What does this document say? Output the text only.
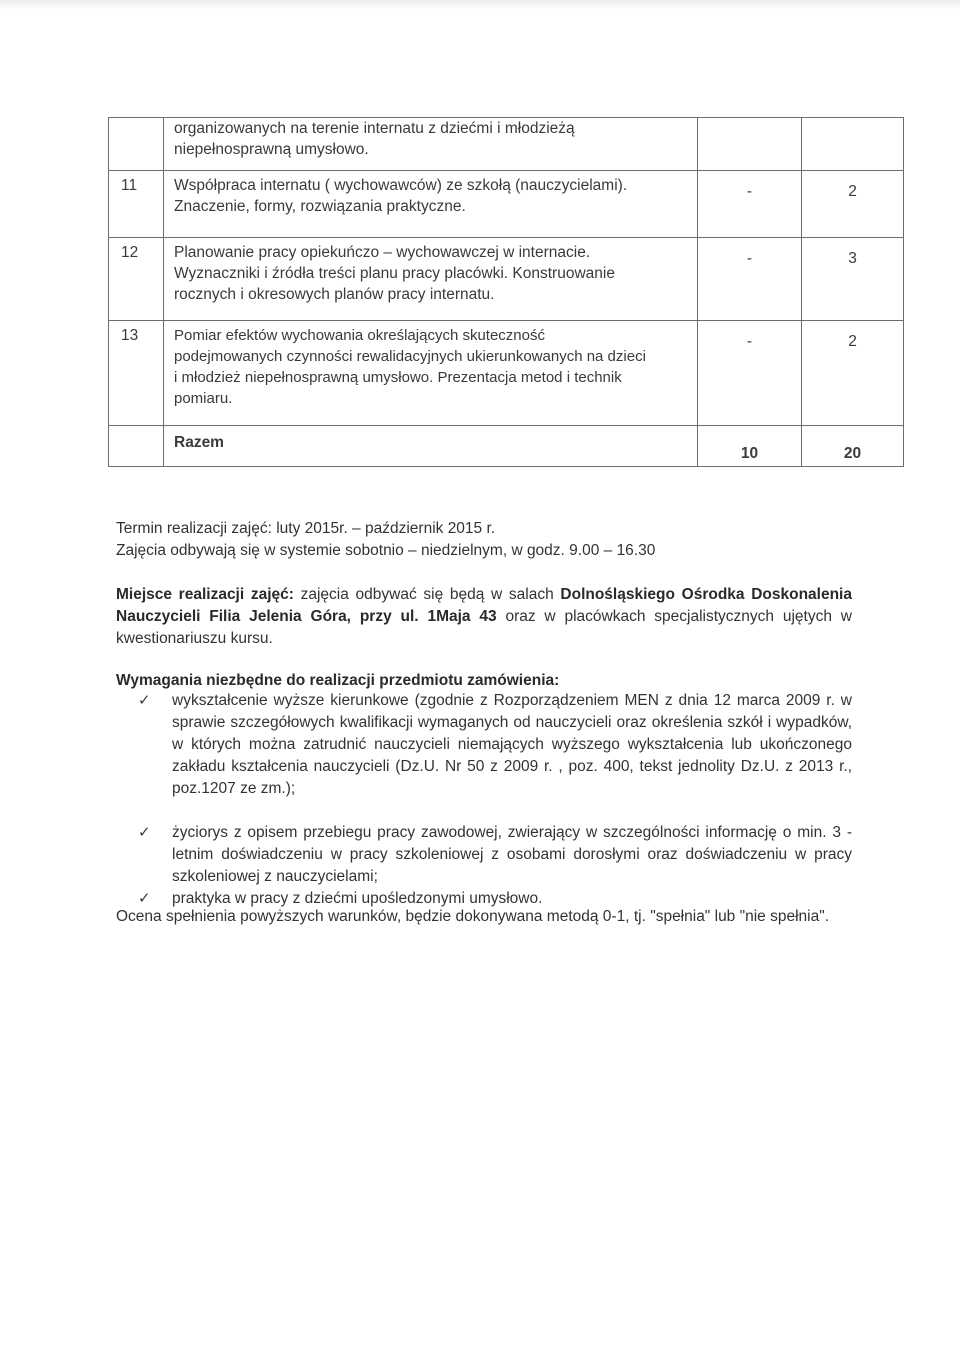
	organizowanych na terenie internatu z dziećmi i młodzieżą
niepełnosprawną umysłowo.		

11	Współpraca internatu ( wychowawców) ze szkołą (nauczycielami).
Znaczenie, formy, rozwiązania praktyczne.	-	2
12	Planowanie pracy opiekuńczo – wychowawczej w internacie.
Wyznaczniki i źródła treści planu pracy placówki. Konstruowanie
rocznych i okresowych planów pracy internatu.	-	3
13	Pomiar efektów wychowania określających skuteczność
podejmowanych czynności rewalidacyjnych ukierunkowanych na dzieci
i młodzież niepełnosprawną umysłowo. Prezentacja metod i technik
pomiaru.	-	2
	Razem	10	20
Termin realizacji zajęć: luty 2015r. – październik 2015 r.
Zajęcia odbywają się w systemie sobotnio – niedzielnym, w godz. 9.00 – 16.30
Miejsce realizacji zajęć: zajęcia odbywać się będą w salach Dolnośląskiego Ośrodka Doskonalenia Nauczycieli Filia Jelenia Góra, przy ul. 1Maja 43 oraz w placówkach specjalistycznych ujętych w kwestionariuszu kursu.
Wymagania niezbędne do realizacji przedmiotu zamówienia:
✓ wykształcenie wyższe kierunkowe (zgodnie z Rozporządzeniem MEN z dnia 12 marca 2009 r. w sprawie szczegółowych kwalifikacji wymaganych od nauczycieli oraz określenia szkół i wypadków, w których można zatrudnić nauczycieli niemających wyższego wykształcenia lub ukończonego zakładu kształcenia nauczycieli (Dz.U. Nr 50 z 2009 r. , poz. 400, tekst jednolity Dz.U. z 2013 r., poz.1207 ze zm.);
✓ życiorys z opisem przebiegu pracy zawodowej, zwierający w szczególności informację o min. 3 - letnim doświadczeniu w pracy szkoleniowej z osobami dorosłymi oraz doświadczeniu w pracy szkoleniowej z nauczycielami;
✓ praktyka w pracy z dziećmi upośledzonymi umysłowo.
Ocena spełnienia powyższych warunków, będzie dokonywana metodą 0-1, tj. "spełnia" lub "nie spełnia".
